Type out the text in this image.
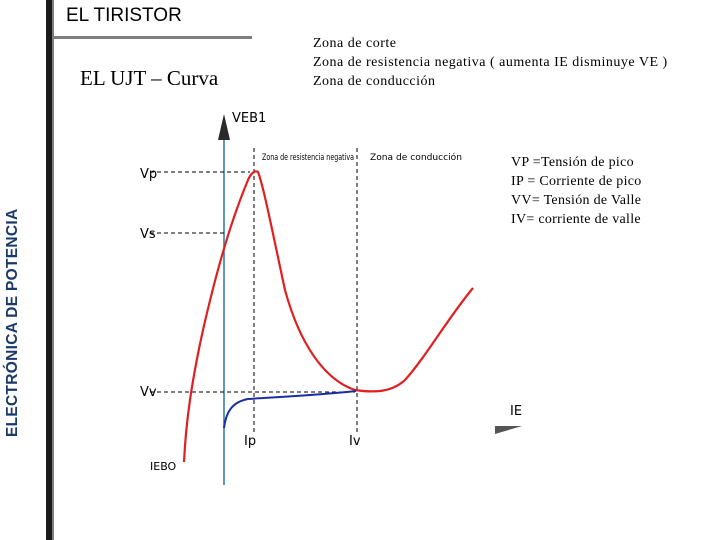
EL TIRISTOR
ELECTRÓNICA DE POTENCIA
EL UJT – Curva
Zona de corte
Zona de resistencia negativa ( aumenta IE disminuye VE )
Zona de conducción
VP =Tensión de pico
IP = Corriente de pico
VV= Tensión de Valle
IV= corriente de valle
VEB1
IE
Zona de resistencia negativa Zona de conducción
Vp
Vs
Vv
Ip	Iv
IEBO
